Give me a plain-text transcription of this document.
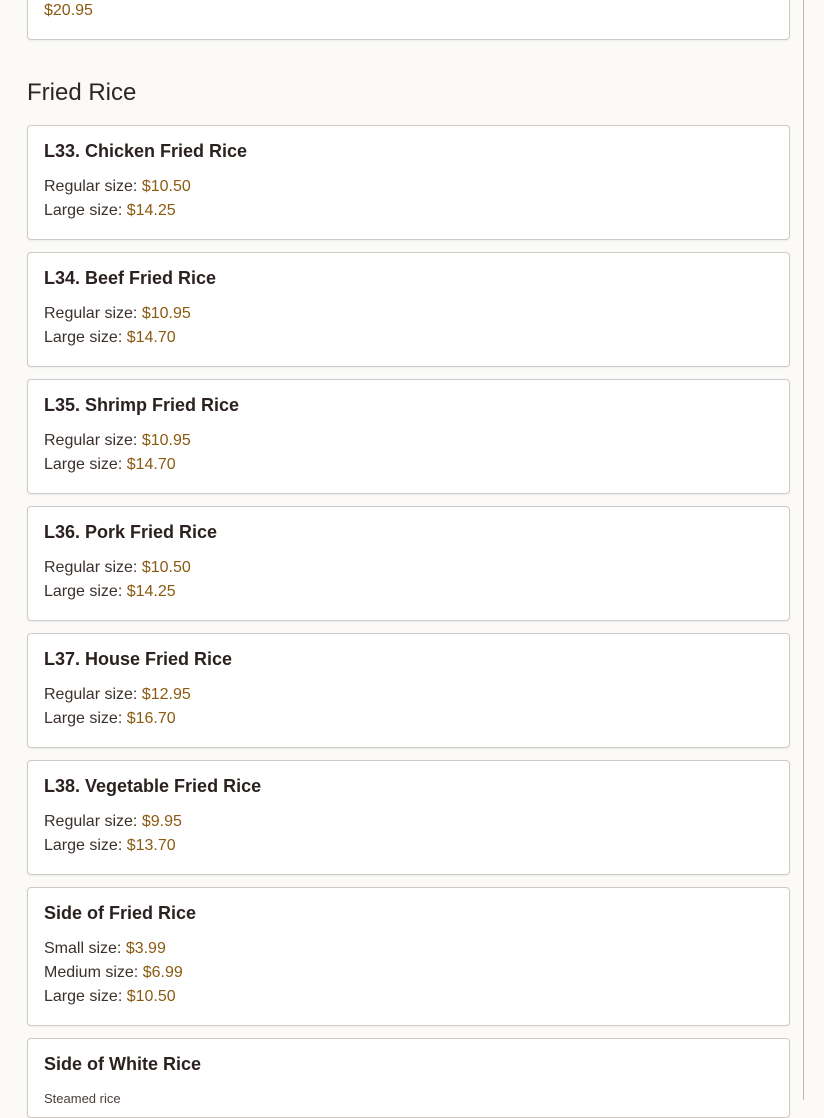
$20.95
Fried Rice
L33. Chicken Fried Rice
Regular size: $10.50
Large size: $14.25
L34. Beef Fried Rice
Regular size: $10.95
Large size: $14.70
L35. Shrimp Fried Rice
Regular size: $10.95
Large size: $14.70
L36. Pork Fried Rice
Regular size: $10.50
Large size: $14.25
L37. House Fried Rice
Regular size: $12.95
Large size: $16.70
L38. Vegetable Fried Rice
Regular size: $9.95
Large size: $13.70
Side of Fried Rice
Small size: $3.99
Medium size: $6.99
Large size: $10.50
Side of White Rice
Steamed rice
